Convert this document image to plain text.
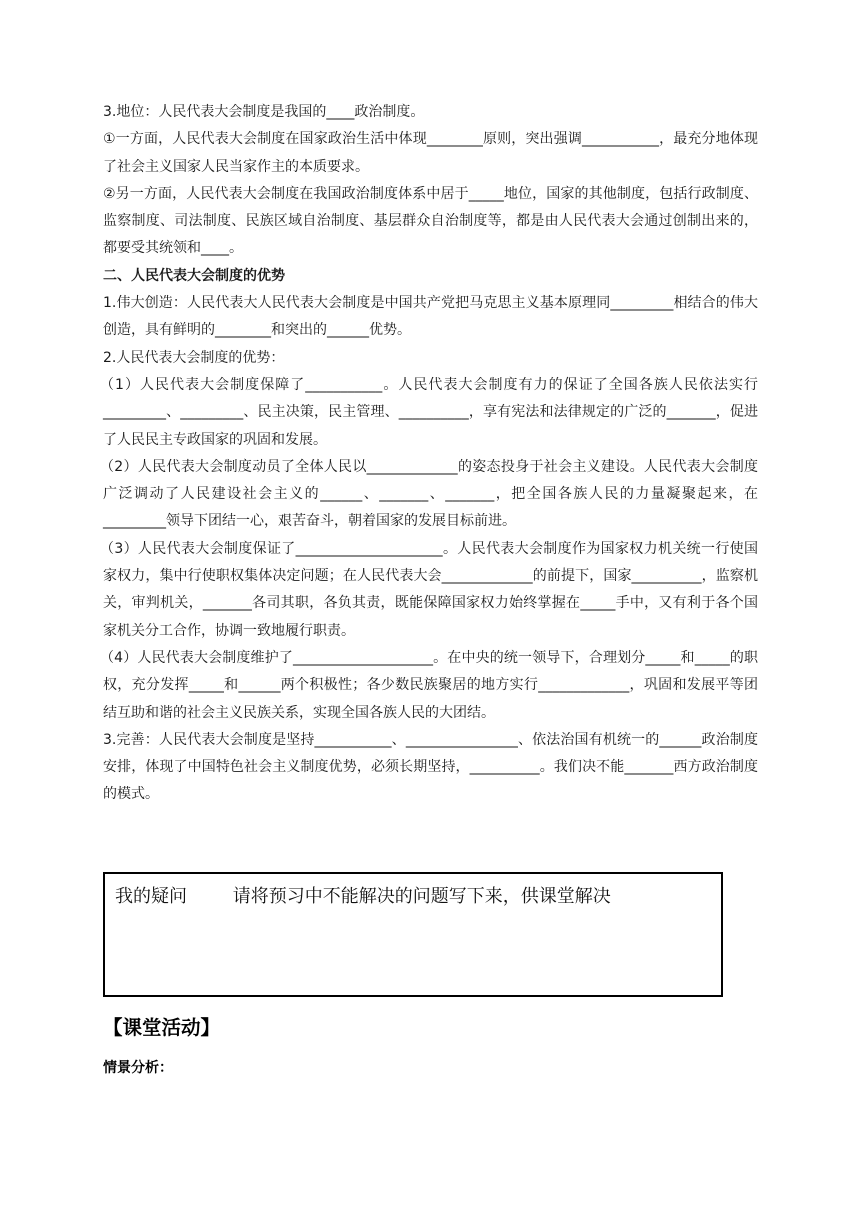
3.地位：人民代表大会制度是我国的____政治制度。

①一方面，人民代表大会制度在国家政治生活中体现________原则，突出强调___________，最充分地体现了社会主义国家人民当家作主的本质要求。

②另一方面，人民代表大会制度在我国政治制度体系中居于_____地位，国家的其他制度，包括行政制度、监察制度、司法制度、民族区域自治制度、基层群众自治制度等，都是由人民代表大会通过创制出来的，都要受其统领和____。

二、人民代表大会制度的优势

1.伟大创造：人民代表大人民代表大会制度是中国共产党把马克思主义基本原理同_________相结合的伟大创造，具有鲜明的________和突出的______优势。

2.人民代表大会制度的优势：

（1）人民代表大会制度保障了___________。人民代表大会制度有力的保证了全国各族人民依法实行_________、_________、民主决策，民主管理、__________，享有宪法和法律规定的广泛的_______，促进了人民民主专政国家的巩固和发展。

（2）人民代表大会制度动员了全体人民以_____________的姿态投身于社会主义建设。人民代表大会制度广泛调动了人民建设社会主义的______、_______、_______，把全国各族人民的力量凝聚起来，在_________领导下团结一心，艰苦奋斗，朝着国家的发展目标前进。

（3）人民代表大会制度保证了_____________________。人民代表大会制度作为国家权力机关统一行使国家权力，集中行使职权集体决定问题；在人民代表大会_____________的前提下，国家__________，监察机关，审判机关，_______各司其职，各负其责，既能保障国家权力始终掌握在_____手中，又有利于各个国家机关分工合作，协调一致地履行职责。

（4）人民代表大会制度维护了____________________。在中央的统一领导下，合理划分_____和_____的职权，充分发挥_____和______两个积极性；各少数民族聚居的地方实行_____________，巩固和发展平等团结互助和谐的社会主义民族关系，实现全国各族人民的大团结。

3.完善：人民代表大会制度是坚持___________、________________、依法治国有机统一的______政治制度安排，体现了中国特色社会主义制度优势，必须长期坚持，__________。我们决不能_______西方政治制度的模式。

我的疑问	请将预习中不能解决的问题写下来，供课堂解决
【课堂活动】
情景分析：
